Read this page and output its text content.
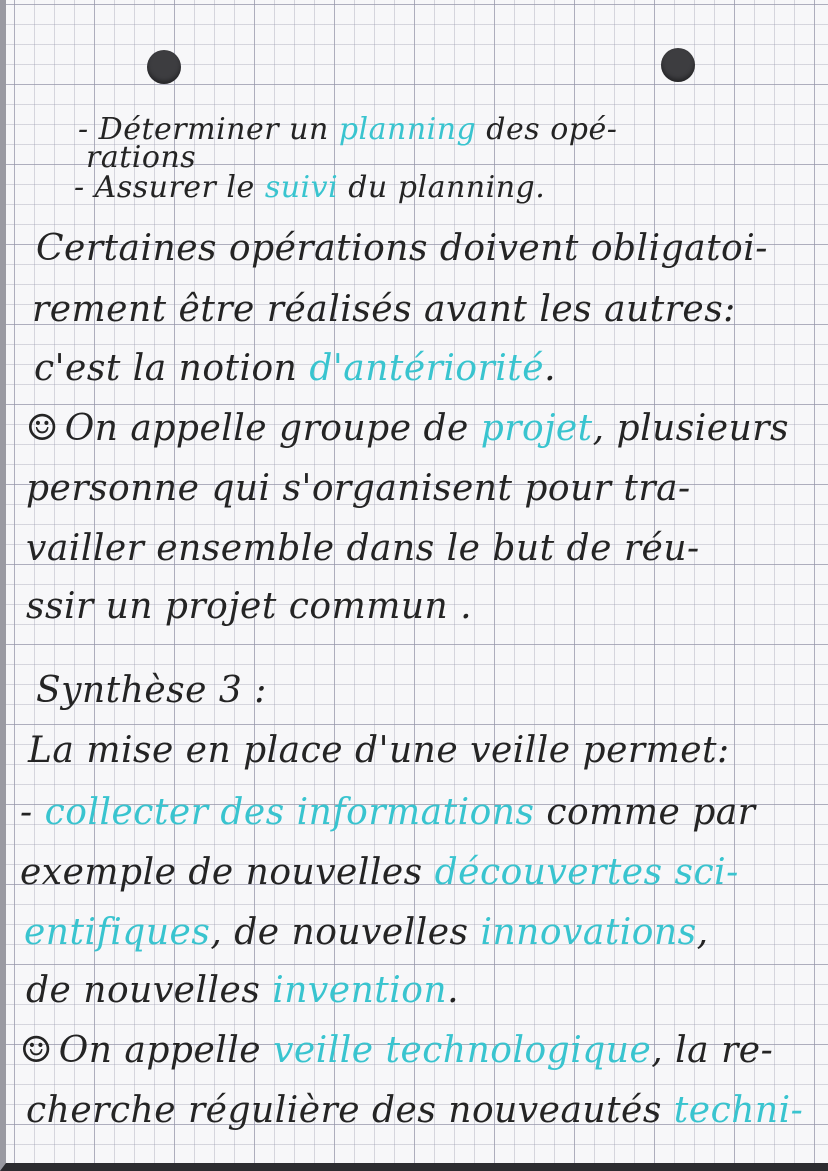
- Déterminer un planning des opé-
rations
- Assurer le suivi du planning.
Certaines opérations doivent obligatoi-
rement être réalisés avant les autres:
c'est la notion d'antériorité.
☺ On appelle groupe de projet, plusieurs
personne qui s'organisent pour tra-
vailler ensemble dans le but de réu-
ssir un projet commun .
Synthèse 3 :
La mise en place d'une veille permet:
- collecter des informations comme par
exemple de nouvelles découvertes sci-
entifiques, de nouvelles innovations,
de nouvelles invention.
☺ On appelle veille technologique, la re-
cherche régulière des nouveautés techni-
